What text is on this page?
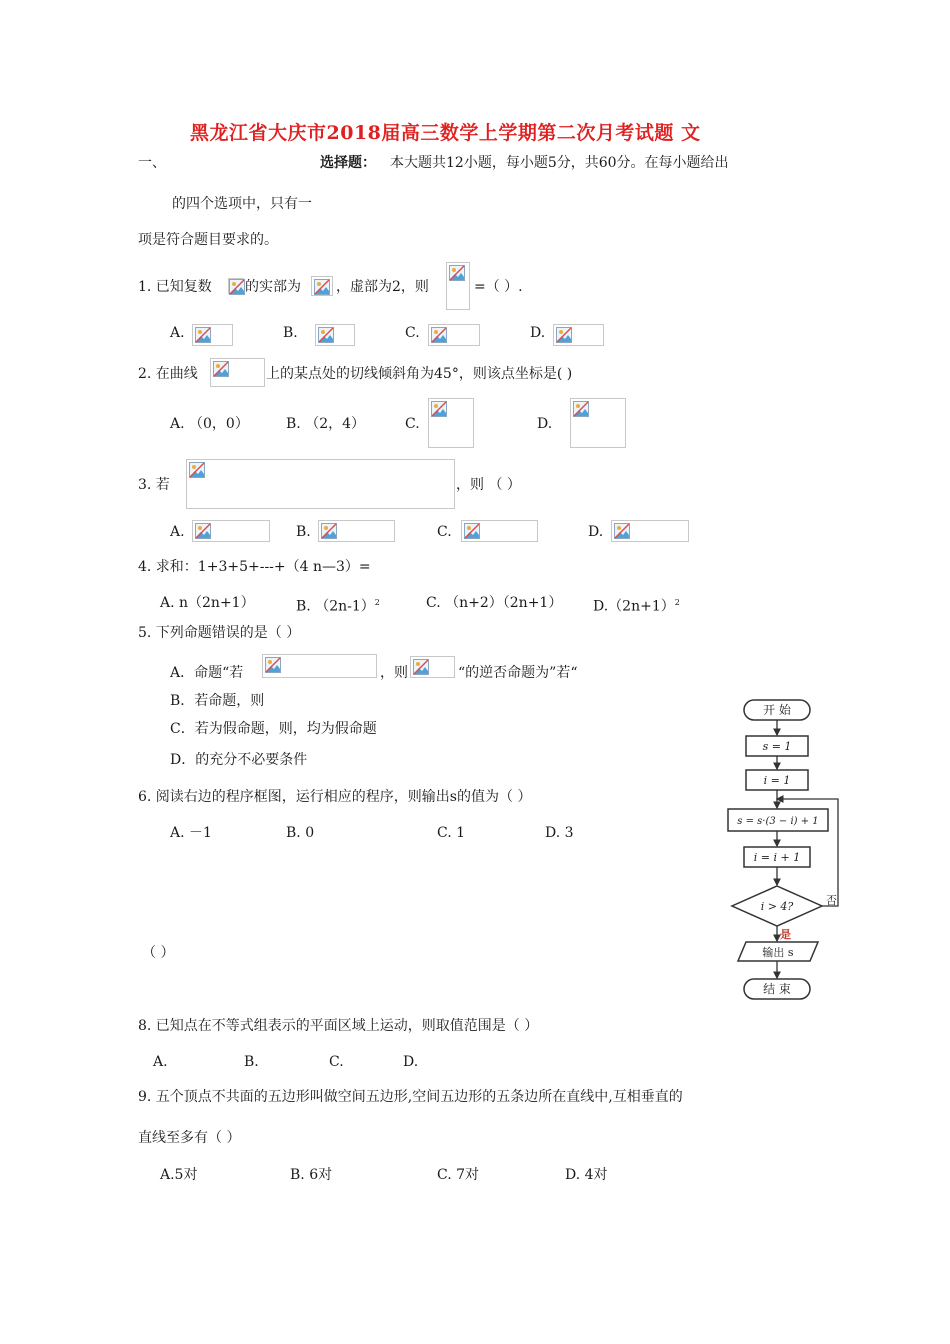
黑龙江省大庆市2018届高三数学上学期第二次月考试题 文
一、	选择题： 本大题共12小题，每小题5分，共60分。在每小题给出
的四个选项中，只有一
项是符合题目要求的。
1. 已知复数 的实部为	，虚部为2，则	=（ ）.
A.	B.	C.	D.
2. 在曲线	上的某点处的切线倾斜角为45°，则该点坐标是( )
A. （0，0）	B. （2，4）	C.	D.
3. 若	，则 （ ）
A.	B.	C.	D.
4. 求和：1+3+5+---+（4 n—3）=
A. n（2n+1）	B. $(2n-1)^2$	C. （n+2）（2n+1） $D.(2n+1)^2$
5. 下列命题错误的是（ ）
A．命题“若	，则	“的逆否命题为”若“
B．若命题，则
C．若为假命题，则，均为假命题
D．的充分不必要条件
6. 阅读右边的程序框图，运行相应的程序，则输出s的值为（ ）
A. －1	B. 0	C. 1	D. 3
（ ）
8. 已知点在不等式组表示的平面区域上运动，则取值范围是（ ）
A.	B.	C.	D.
9. 五个顶点不共面的五边形叫做空间五边形,空间五边形的五条边所在直线中,互相垂直的
直线至多有（ ）
A.5对	B. 6对	C. 7对	D. 4对
开 始
s = 1
i = 1
s = s·(3 − i) + 1
i = i + 1
i > 4?	否
是
输出 s
结 束
